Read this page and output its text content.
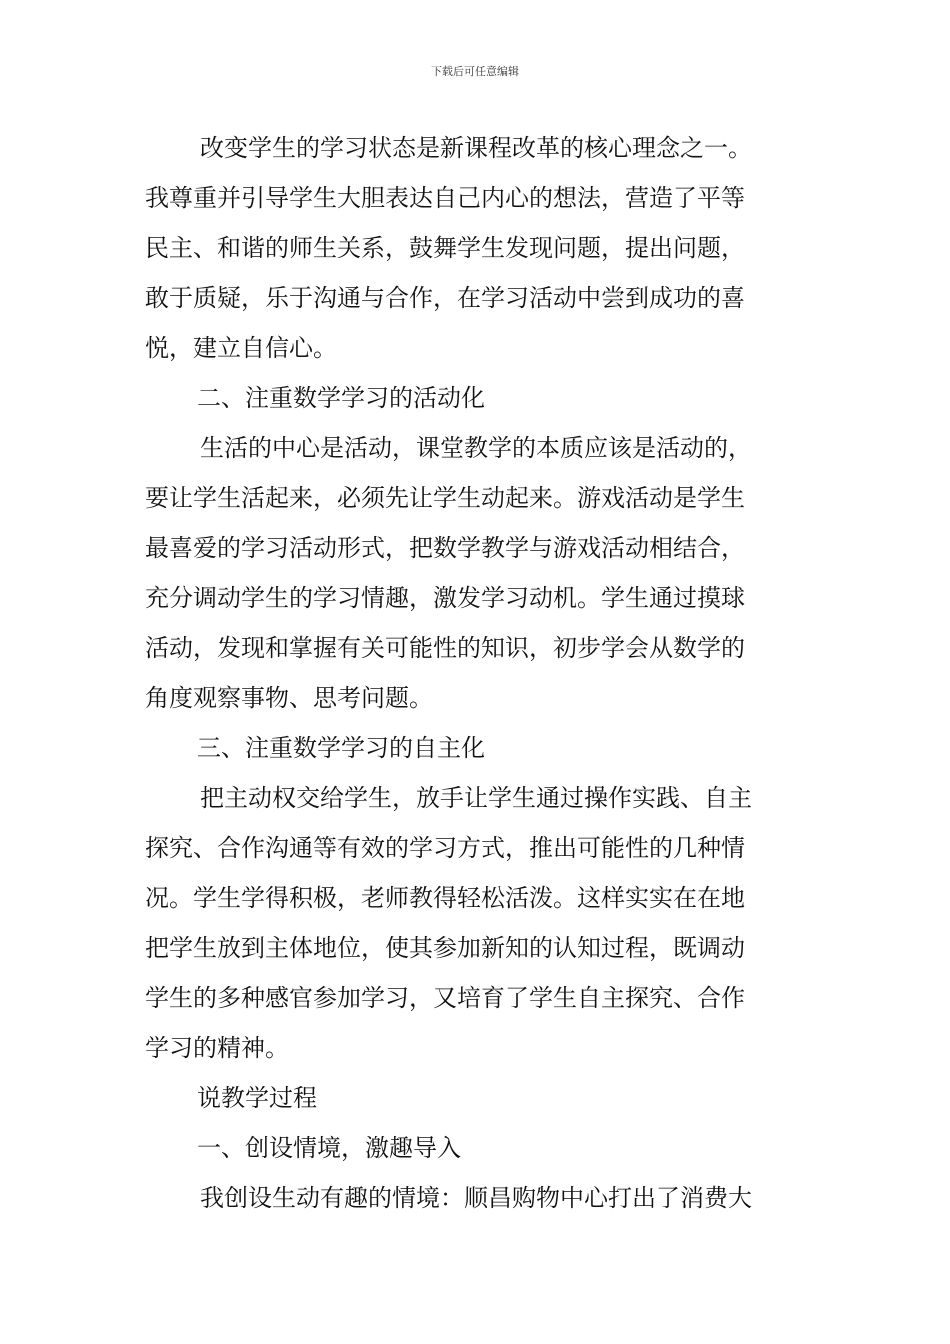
下载后可任意编辑
改变学生的学习状态是新课程改革的核心理念之一。
我尊重并引导学生大胆表达自己内心的想法，营造了平等
民主、和谐的师生关系，鼓舞学生发现问题，提出问题，
敢于质疑，乐于沟通与合作，在学习活动中尝到成功的喜
悦，建立自信心。
二、注重数学学习的活动化
生活的中心是活动，课堂教学的本质应该是活动的，
要让学生活起来，必须先让学生动起来。游戏活动是学生
最喜爱的学习活动形式，把数学教学与游戏活动相结合，
充分调动学生的学习情趣，激发学习动机。学生通过摸球
活动，发现和掌握有关可能性的知识，初步学会从数学的
角度观察事物、思考问题。
三、注重数学学习的自主化
把主动权交给学生，放手让学生通过操作实践、自主
探究、合作沟通等有效的学习方式，推出可能性的几种情
况。学生学得积极，老师教得轻松活泼。这样实实在在地
把学生放到主体地位，使其参加新知的认知过程，既调动
学生的多种感官参加学习，又培育了学生自主探究、合作
学习的精神。
说教学过程
一、创设情境，激趣导入
我创设生动有趣的情境：顺昌购物中心打出了消费大
